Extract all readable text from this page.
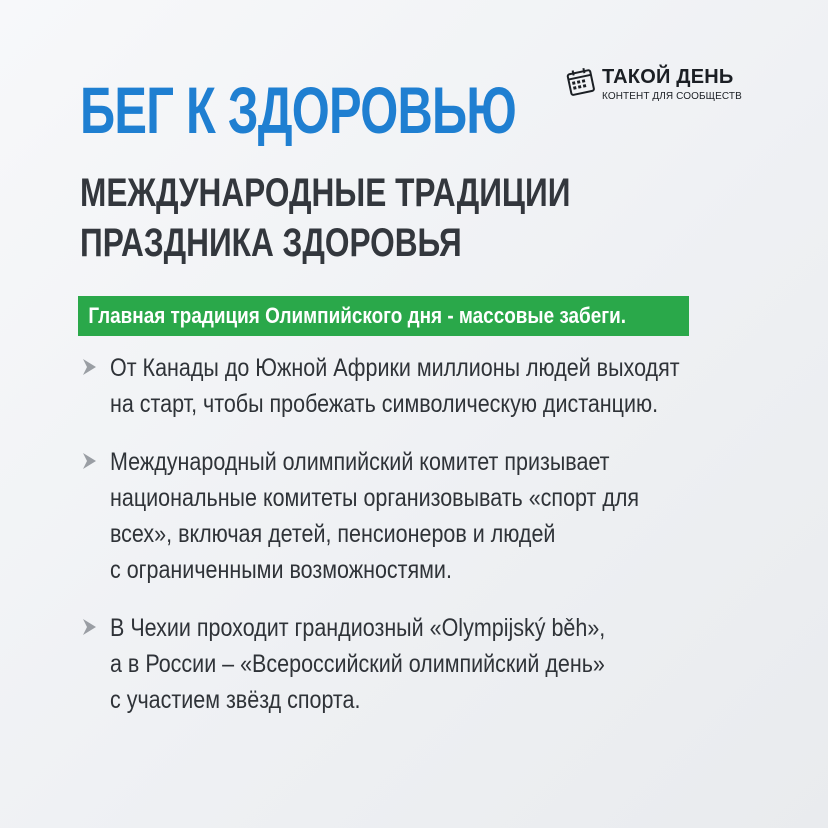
ТАКОЙ ДЕНЬ
КОНТЕНТ ДЛЯ СООБЩЕСТВ
БЕГ К ЗДОРОВЬЮ
МЕЖДУНАРОДНЫЕ ТРАДИЦИИ
ПРАЗДНИКА ЗДОРОВЬЯ
Главная традиция Олимпийского дня - массовые забеги.
От Канады до Южной Африки миллионы людей выходят
на старт, чтобы пробежать символическую дистанцию.
Международный олимпийский комитет призывает
национальные комитеты организовывать «спорт для
всех», включая детей, пенсионеров и людей
с ограниченными возможностями.
В Чехии проходит грандиозный «Olympijský běh»,
а в России – «Всероссийский олимпийский день»
с участием звёзд спорта.
